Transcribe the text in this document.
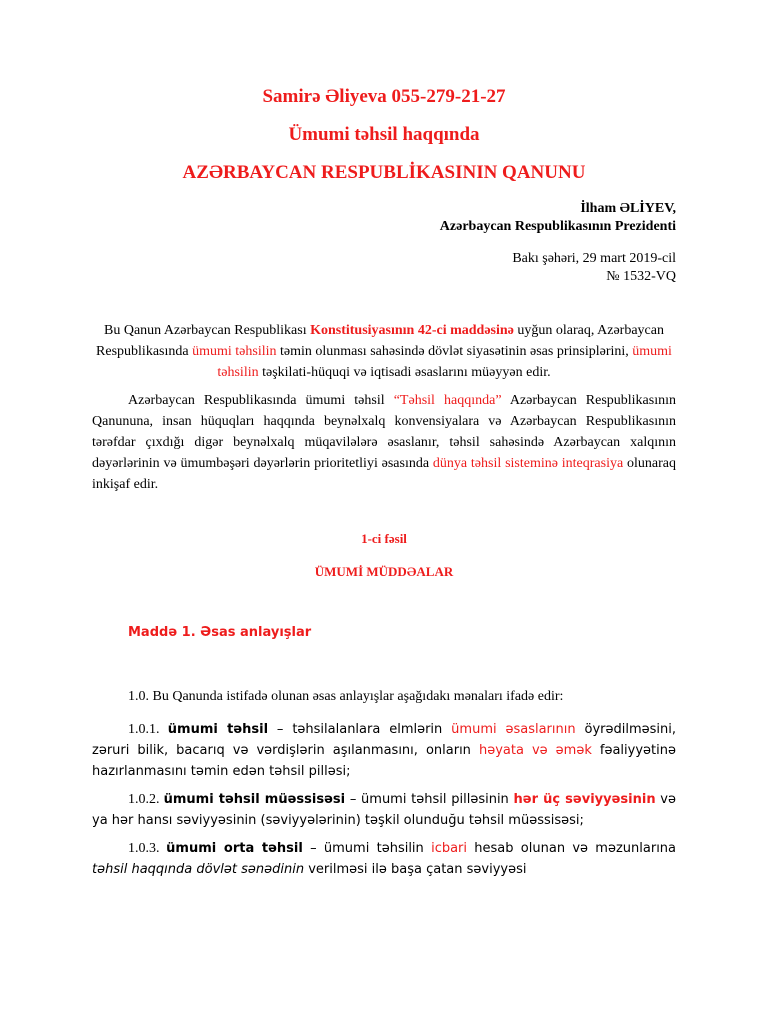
Samirə Əliyeva 055-279-21-27
Ümumi təhsil haqqında
AZƏRBAYCAN RESPUBLİKASININ QANUNU
İlham ƏLİYEV,
Azərbaycan Respublikasının Prezidenti
Bakı şəhəri, 29 mart 2019-cil
№ 1532-VQ
Bu Qanun Azərbaycan Respublikası Konstitusiyasının 42-ci maddəsinə uyğun olaraq, Azərbaycan Respublikasında ümumi təhsilin təmin olunması sahəsində dövlət siyasətinin əsas prinsiplərini, ümumi təhsilin təşkilati-hüquqi və iqtisadi əsaslarını müəyyən edir.
Azərbaycan Respublikasında ümumi təhsil “Təhsil haqqında” Azərbaycan Respublikasının Qanununa, insan hüquqları haqqında beynəlxalq konvensiyalara və Azərbaycan Respublikasının tərəfdar çıxdığı digər beynəlxalq müqavilələrə əsaslanır, təhsil sahəsində Azərbaycan xalqının dəyərlərinin və ümumbəşəri dəyərlərin prioritetliyi əsasında dünya təhsil sisteminə inteqrasiya olunaraq inkişaf edir.
1-ci fəsil
ÜMUMİ MÜDDƏALAR
Maddə 1. Əsas anlayışlar
1.0. Bu Qanunda istifadə olunan əsas anlayışlar aşağıdakı mənaları ifadə edir:
1.0.1. ümumi təhsil – təhsilalanlara elmlərin ümumi əsaslarının öyrədilməsini, zəruri bilik, bacarıq və vərdişlərin aşılanmasını, onların həyata və əmək fəaliyyətinə hazırlanmasını təmin edən təhsil pilləsi;
1.0.2. ümumi təhsil müəssisəsi – ümumi təhsil pilləsinin hər üç səviyyəsinin və ya hər hansı səviyyəsinin (səviyyələrinin) təşkil olunduğu təhsil müəssisəsi;
1.0.3. ümumi orta təhsil – ümumi təhsilin icbari hesab olunan və məzunlarına təhsil haqqında dövlət sənədinin verilməsi ilə başa çatan səviyyəsi
